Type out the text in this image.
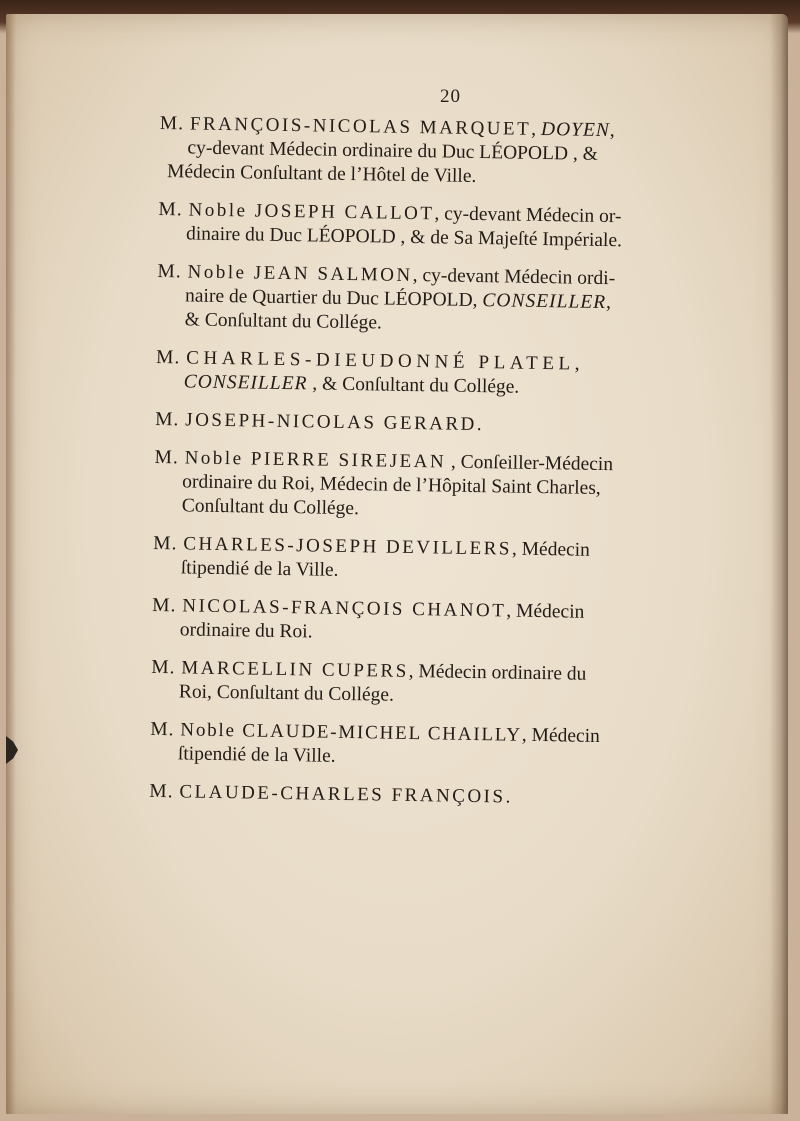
20
M. FRANÇOIS-NICOLAS MARQUET, DOYEN,
cy-devant Médecin ordinaire du Duc LÉOPOLD , &
Médecin Conſultant de l’Hôtel de Ville.
M. Noble JOSEPH CALLOT, cy-devant Médecin or-
dinaire du Duc LÉOPOLD , & de Sa Majeſté Impériale.
M. Noble JEAN SALMON, cy-devant Médecin ordi-
naire de Quartier du Duc LÉOPOLD, CONSEILLER,
& Conſultant du Collége.
M. CHARLES-DIEUDONNÉ PLATEL,
CONSEILLER , & Conſultant du Collége.
M. JOSEPH-NICOLAS GERARD.
M. Noble PIERRE SIREJEAN , Conſeiller-Médecin
ordinaire du Roi, Médecin de l’Hôpital Saint Charles,
Conſultant du Collége.
M. CHARLES-JOSEPH DEVILLERS, Médecin
ſtipendié de la Ville.
M. NICOLAS-FRANÇOIS CHANOT, Médecin
ordinaire du Roi.
M. MARCELLIN CUPERS, Médecin ordinaire du
Roi, Conſultant du Collége.
M. Noble CLAUDE-MICHEL CHAILLY, Médecin
ſtipendié de la Ville.
M. CLAUDE-CHARLES FRANÇOIS.
